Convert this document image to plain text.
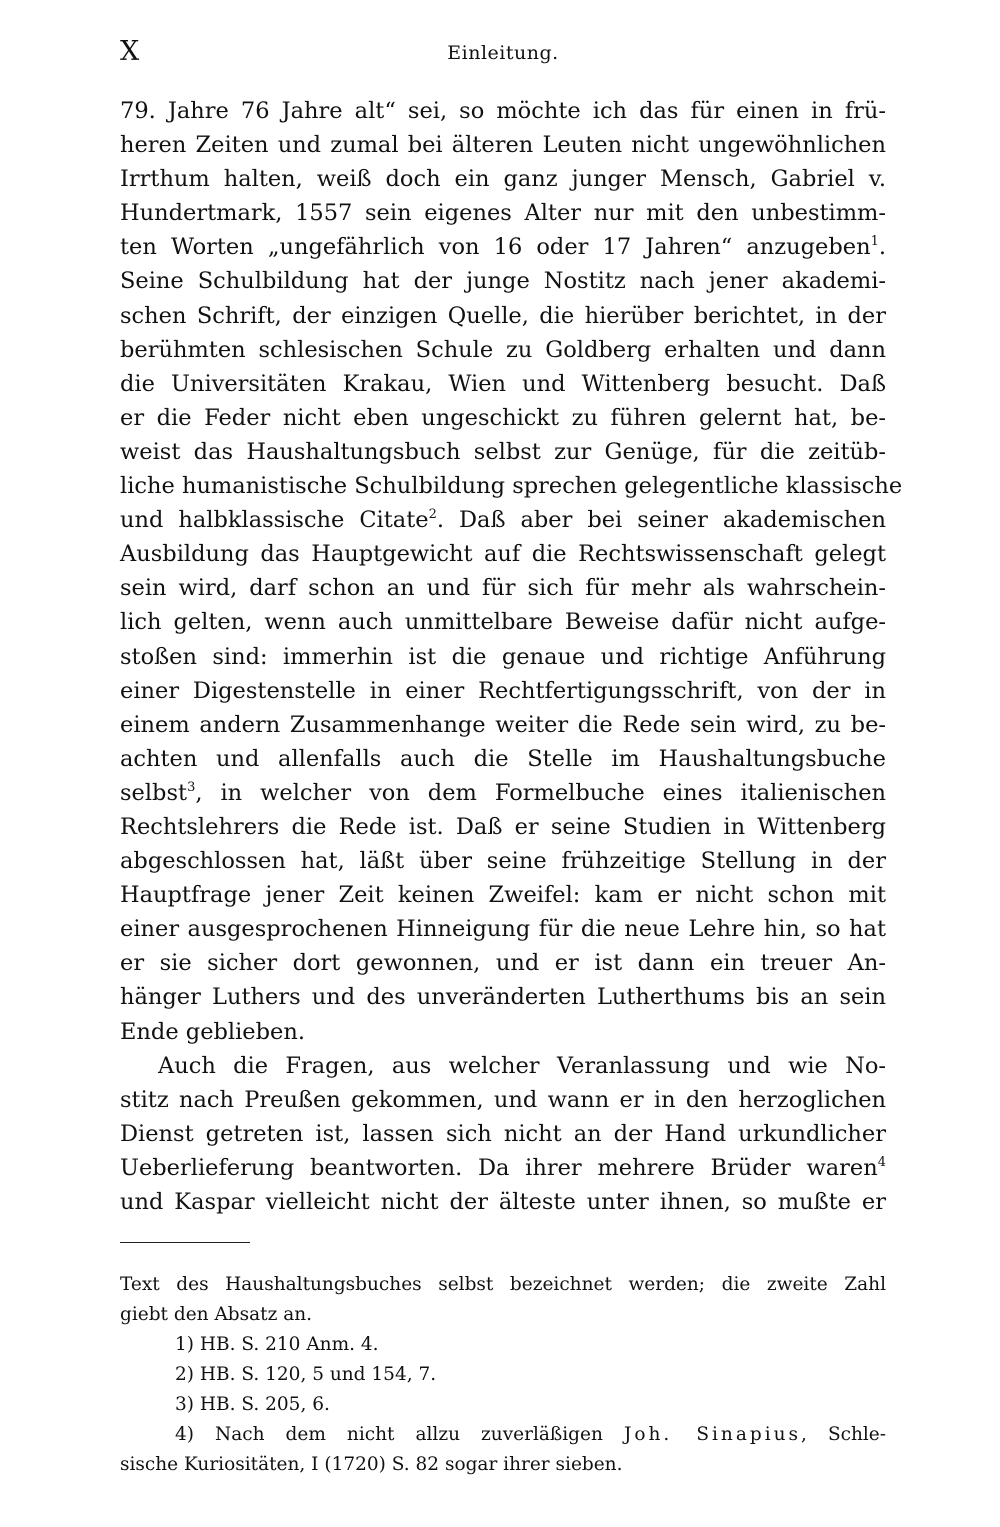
X	Einleitung.
79. Jahre 76 Jahre alt“ sei, so möchte ich das für einen in frü-
heren Zeiten und zumal bei älteren Leuten nicht ungewöhnlichen
Irrthum halten, weiß doch ein ganz junger Mensch, Gabriel v.
Hundertmark, 1557 sein eigenes Alter nur mit den unbestimm-
ten Worten „ungefährlich von 16 oder 17 Jahren“ anzugeben$^1$.
Seine Schulbildung hat der junge Nostitz nach jener akademi-
schen Schrift, der einzigen Quelle, die hierüber berichtet, in der
berühmten schlesischen Schule zu Goldberg erhalten und dann
die Universitäten Krakau, Wien und Wittenberg besucht. Daß
er die Feder nicht eben ungeschickt zu führen gelernt hat, be-
weist das Haushaltungsbuch selbst zur Genüge, für die zeitüb-
liche humanistische Schulbildung sprechen gelegentliche klassische
und halbklassische Citate$^2$. Daß aber bei seiner akademischen
Ausbildung das Hauptgewicht auf die Rechtswissenschaft gelegt
sein wird, darf schon an und für sich für mehr als wahrschein-
lich gelten, wenn auch unmittelbare Beweise dafür nicht aufge-
stoßen sind: immerhin ist die genaue und richtige Anführung
einer Digestenstelle in einer Rechtfertigungsschrift, von der in
einem andern Zusammenhange weiter die Rede sein wird, zu be-
achten und allenfalls auch die Stelle im Haushaltungsbuche
selbst$^3$, in welcher von dem Formelbuche eines italienischen
Rechtslehrers die Rede ist. Daß er seine Studien in Wittenberg
abgeschlossen hat, läßt über seine frühzeitige Stellung in der
Hauptfrage jener Zeit keinen Zweifel: kam er nicht schon mit
einer ausgesprochenen Hinneigung für die neue Lehre hin, so hat
er sie sicher dort gewonnen, und er ist dann ein treuer An-
hänger Luthers und des unveränderten Lutherthums bis an sein
Ende geblieben.
Auch die Fragen, aus welcher Veranlassung und wie No-
stitz nach Preußen gekommen, und wann er in den herzoglichen
Dienst getreten ist, lassen sich nicht an der Hand urkundlicher
Ueberlieferung beantworten. Da ihrer mehrere Brüder waren$^4$
und Kaspar vielleicht nicht der älteste unter ihnen, so mußte er
Text des Haushaltungsbuches selbst bezeichnet werden; die zweite Zahl
giebt den Absatz an.
1) HB. S. 210 Anm. 4.
2) HB. S. 120, 5 und 154, 7.
3) HB. S. 205, 6.
4) Nach dem nicht allzu zuverläßigen Joh. Sinapius, Schle-
sische Kuriositäten, I (1720) S. 82 sogar ihrer sieben.
